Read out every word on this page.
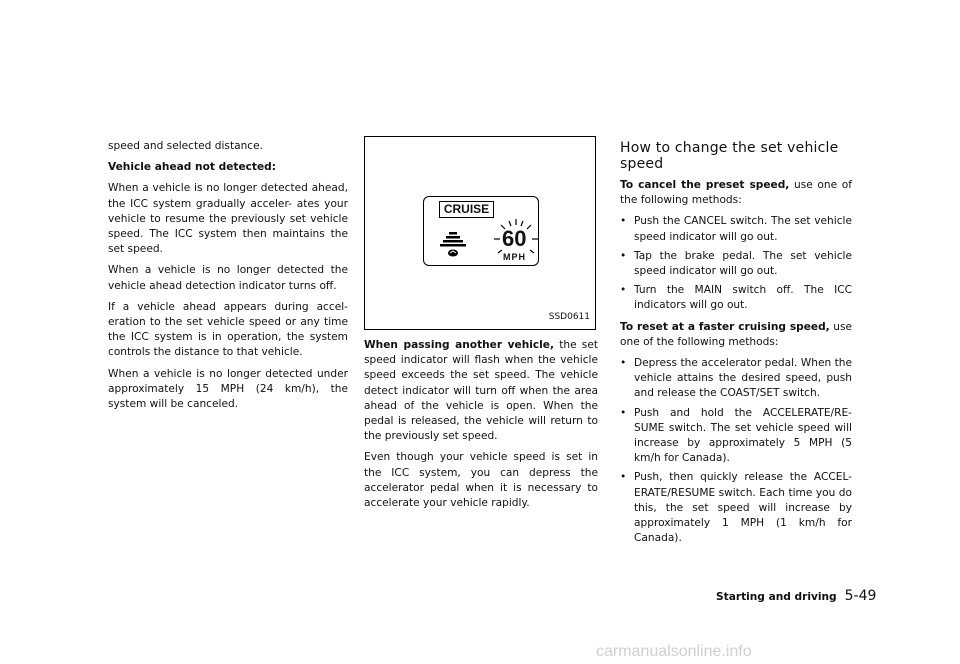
speed and selected distance.

Vehicle ahead not detected:

When a vehicle is no longer detected ahead, the ICC system gradually acceler- ates your vehicle to resume the previously set vehicle speed. The ICC system then maintains the set speed.

When a vehicle is no longer detected the vehicle ahead detection indicator turns off.

If a vehicle ahead appears during accel- eration to the set vehicle speed or any time the ICC system is in operation, the system controls the distance to that vehicle.

When a vehicle is no longer detected under approximately 15 MPH (24 km/h), the system will be canceled.

CRUISE
60
MPH
SSD0611

When passing another vehicle, the set speed indicator will flash when the vehicle speed exceeds the set speed. The vehicle detect indicator will turn off when the area ahead of the vehicle is open. When the pedal is released, the vehicle will return to the previously set speed.

Even though your vehicle speed is set in the ICC system, you can depress the accelerator pedal when it is necessary to accelerate your vehicle rapidly.

How to change the set vehicle speed

To cancel the preset speed, use one of the following methods:

• Push the CANCEL switch. The set vehicle speed indicator will go out.
• Tap the brake pedal. The set vehicle speed indicator will go out.
• Turn the MAIN switch off. The ICC indicators will go out.

To reset at a faster cruising speed, use one of the following methods:

• Depress the accelerator pedal. When the vehicle attains the desired speed, push and release the COAST/SET switch.
• Push and hold the ACCELERATE/RE- SUME switch. The set vehicle speed will increase by approximately 5 MPH (5 km/h for Canada).
• Push, then quickly release the ACCEL- ERATE/RESUME switch. Each time you do this, the set speed will increase by approximately 1 MPH (1 km/h for Canada).
Starting and driving 5-49
carmanualsonline.info
